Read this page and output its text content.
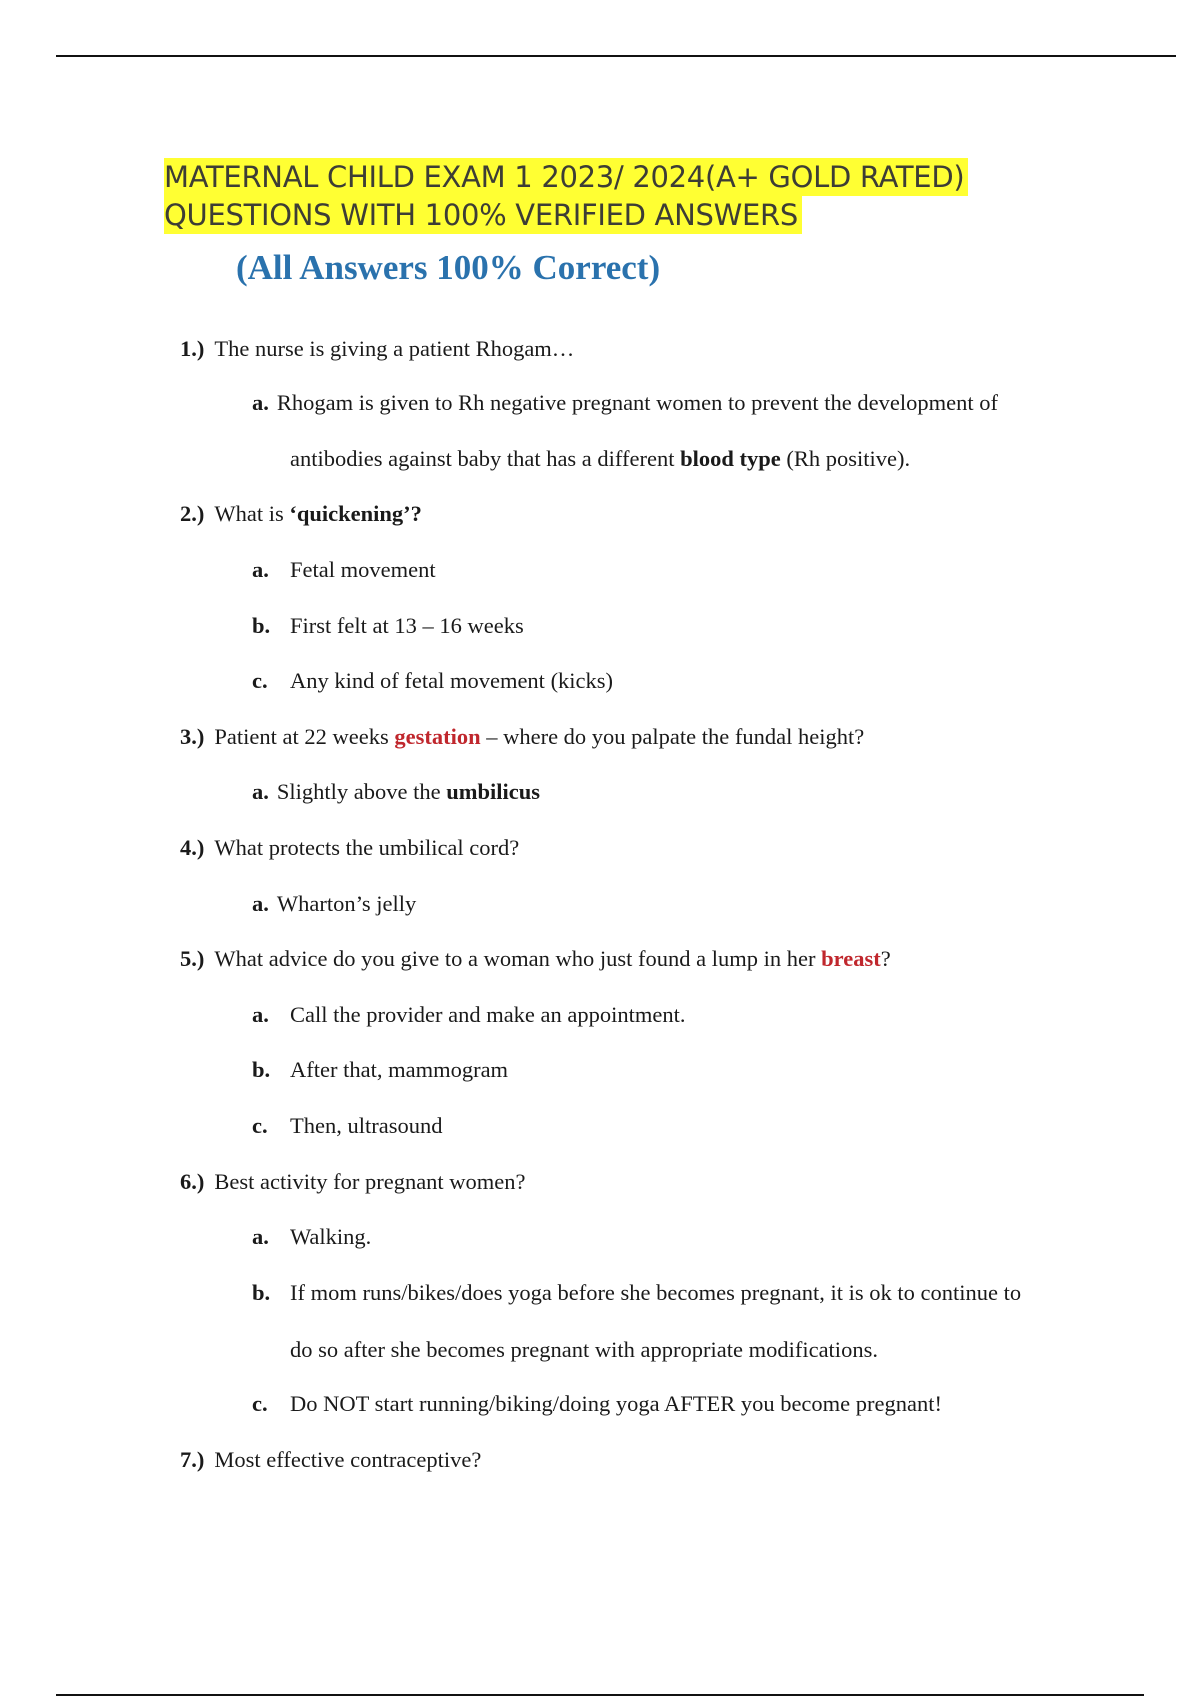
MATERNAL CHILD EXAM 1 2023/ 2024(A+ GOLD RATED)
QUESTIONS WITH 100% VERIFIED ANSWERS
(All Answers 100% Correct)
1.) The nurse is giving a patient Rhogam…
a. Rhogam is given to Rh negative pregnant women to prevent the development of
antibodies against baby that has a different blood type (Rh positive).
2.) What is ‘quickening’?
a. Fetal movement
b. First felt at 13 – 16 weeks
c. Any kind of fetal movement (kicks)
3.) Patient at 22 weeks gestation – where do you palpate the fundal height?
a. Slightly above the umbilicus
4.) What protects the umbilical cord?
a. Wharton’s jelly
5.) What advice do you give to a woman who just found a lump in her breast?
a. Call the provider and make an appointment.
b. After that, mammogram
c. Then, ultrasound
6.) Best activity for pregnant women?
a. Walking.
b. If mom runs/bikes/does yoga before she becomes pregnant, it is ok to continue to
do so after she becomes pregnant with appropriate modifications.
c. Do NOT start running/biking/doing yoga AFTER you become pregnant!
7.) Most effective contraceptive?
